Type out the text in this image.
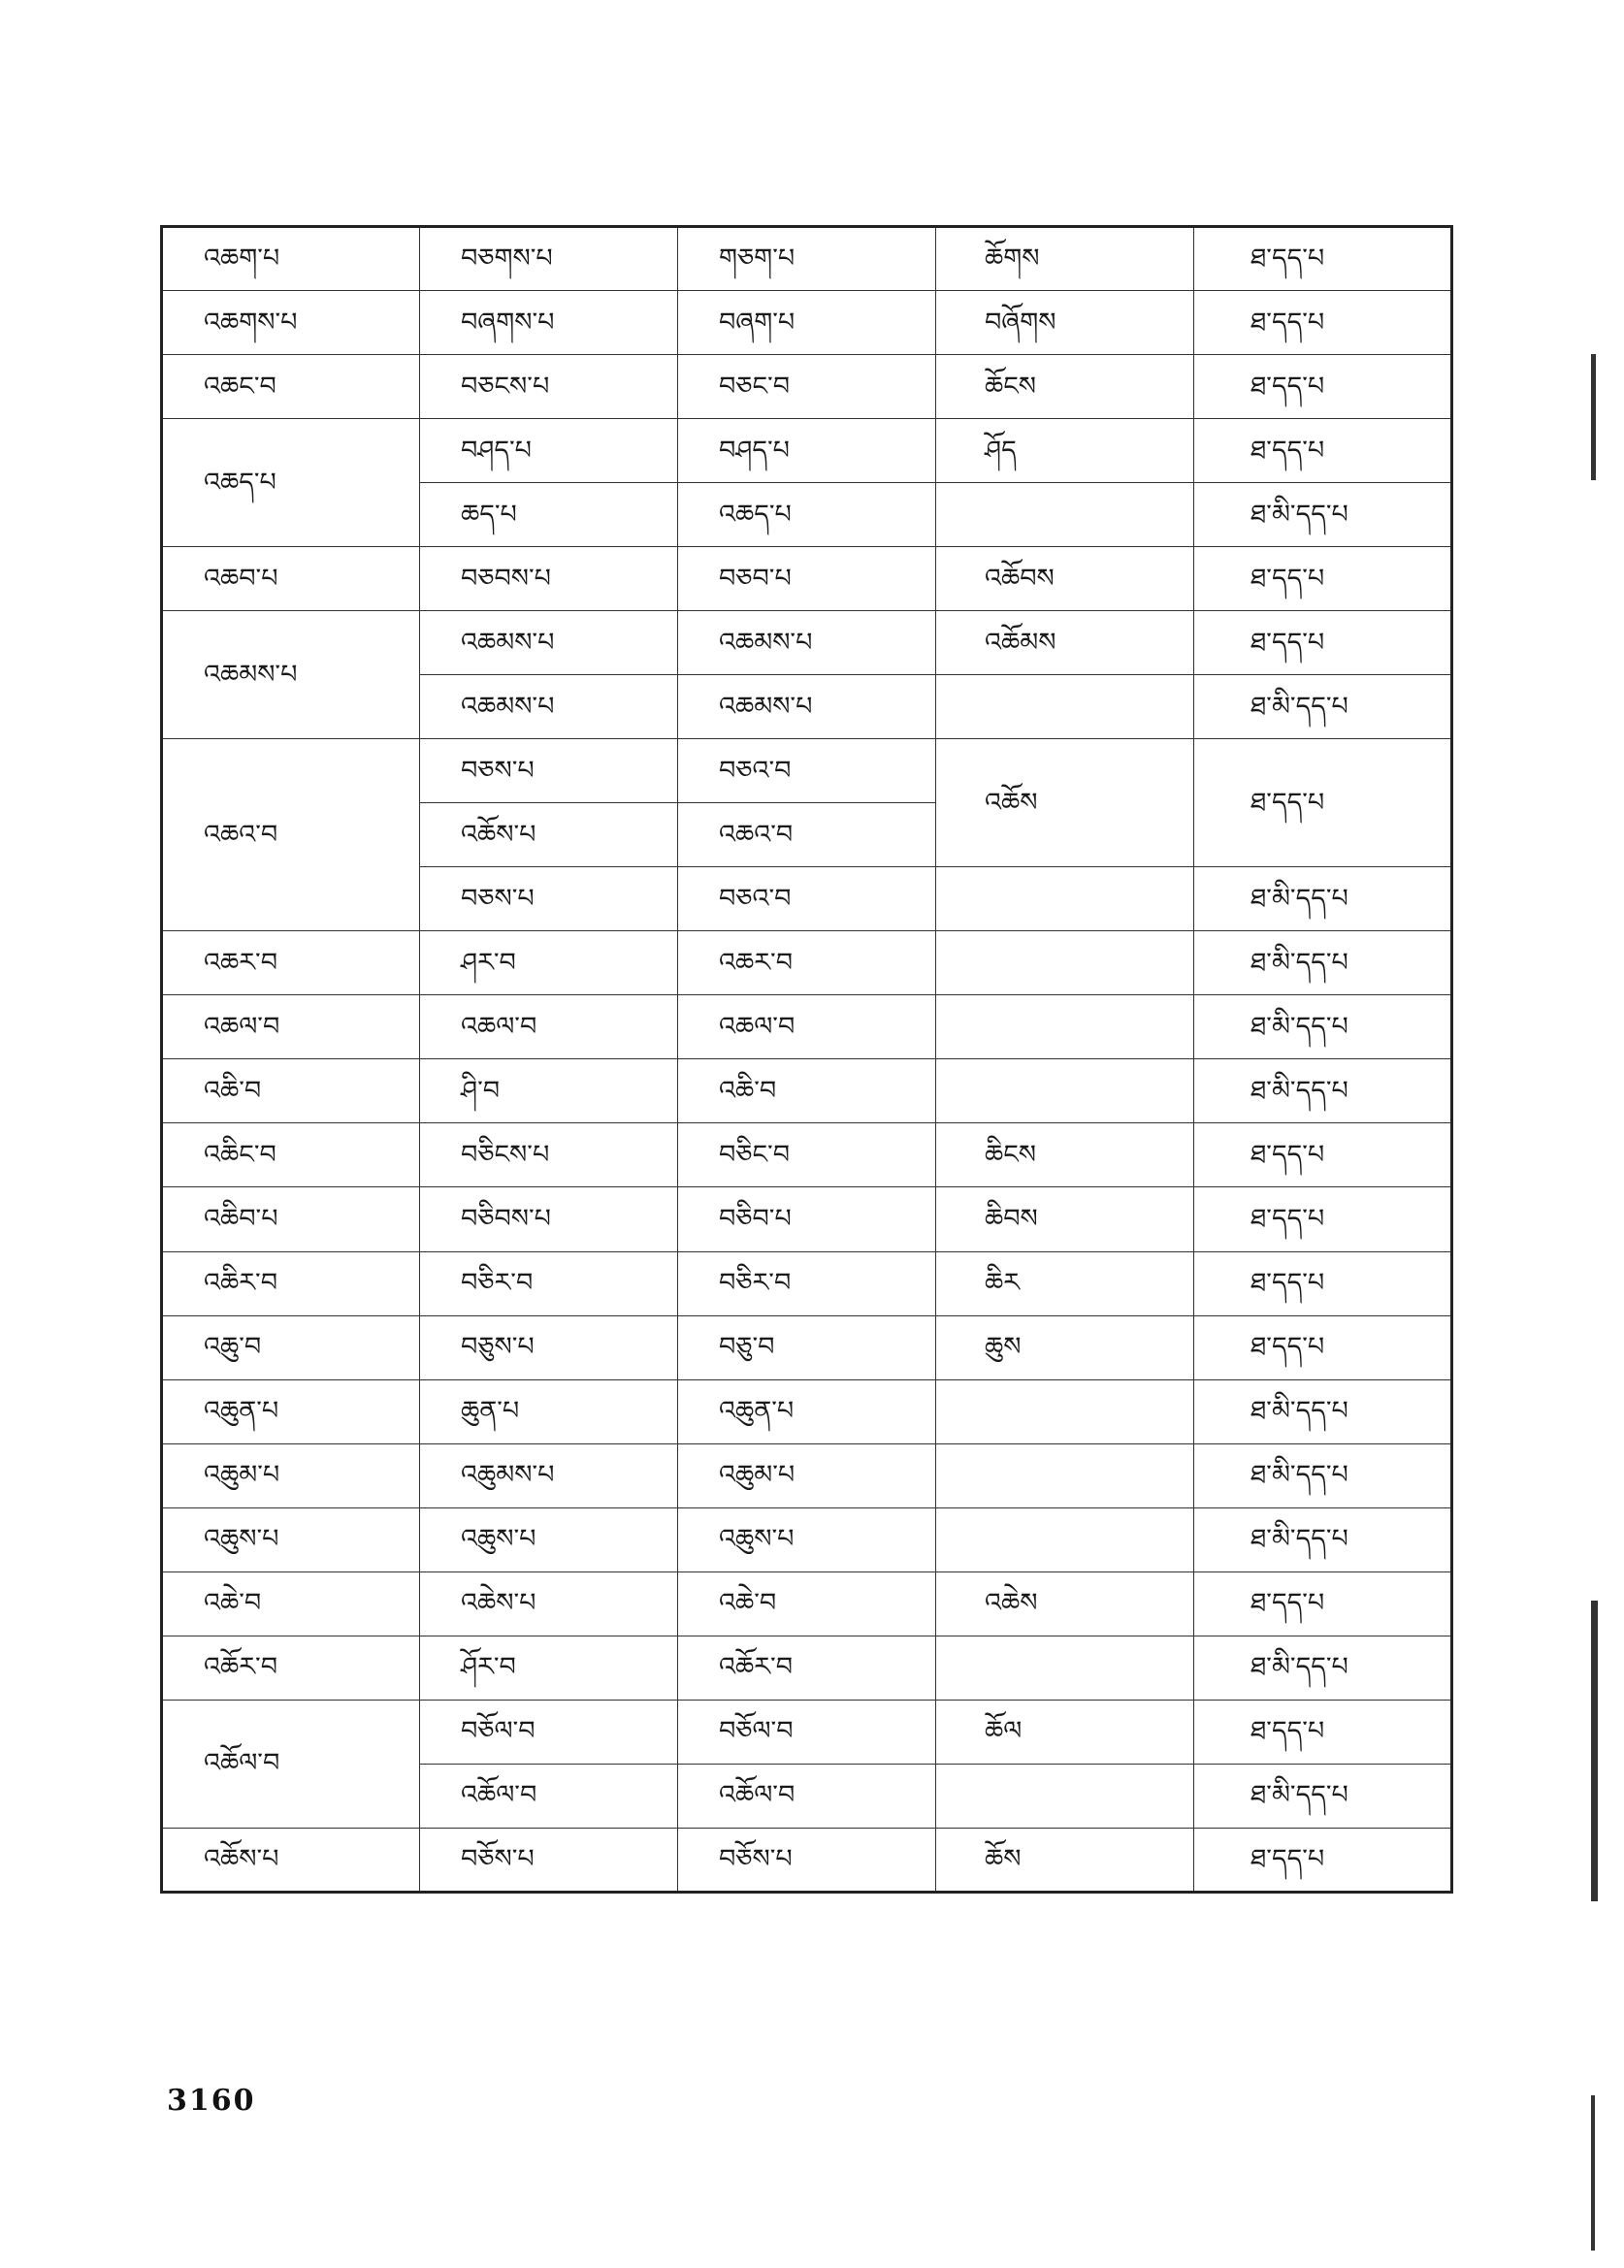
འཆག་པ	བཅགས་པ	གཅག་པ	ཆོགས	ཐ་དད་པ
འཆགས་པ	བཞགས་པ	བཞག་པ	བཞོགས	ཐ་དད་པ
འཆང་བ	བཅངས་པ	བཅང་བ	ཆོངས	ཐ་དད་པ
འཆད་པ	བཤད་པ	བཤད་པ	ཤོད	ཐ་དད་པ
	ཆད་པ	འཆད་པ		ཐ་མི་དད་པ
འཆབ་པ	བཅབས་པ	བཅབ་པ	འཆོབས	ཐ་དད་པ
འཆམས་པ	འཆམས་པ	འཆམས་པ	འཆོམས	ཐ་དད་པ
	འཆམས་པ	འཆམས་པ		ཐ་མི་དད་པ
འཆའ་བ	བཅས་པ	བཅའ་བ	འཆོས	ཐ་དད་པ
	འཆོས་པ	འཆའ་བ		
	བཅས་པ	བཅའ་བ		ཐ་མི་དད་པ
འཆར་བ	ཤར་བ	འཆར་བ		ཐ་མི་དད་པ
འཆལ་བ	འཆལ་བ	འཆལ་བ		ཐ་མི་དད་པ
འཆི་བ	ཤི་བ	འཆི་བ		ཐ་མི་དད་པ
འཆིང་བ	བཅིངས་པ	བཅིང་བ	ཆིངས	ཐ་དད་པ
འཆིབ་པ	བཅིབས་པ	བཅིབ་པ	ཆིབས	ཐ་དད་པ
འཆིར་བ	བཅིར་བ	བཅིར་བ	ཆིར	ཐ་དད་པ
འཆུ་བ	བཅུས་པ	བཅུ་བ	ཆུས	ཐ་དད་པ
འཆུན་པ	ཆུན་པ	འཆུན་པ		ཐ་མི་དད་པ
འཆུམ་པ	འཆུམས་པ	འཆུམ་པ		ཐ་མི་དད་པ
འཆུས་པ	འཆུས་པ	འཆུས་པ		ཐ་མི་དད་པ
འཆེ་བ	འཆེས་པ	འཆེ་བ	འཆེས	ཐ་དད་པ
འཆོར་བ	ཤོར་བ	འཆོར་བ		ཐ་མི་དད་པ
འཆོལ་བ	བཅོལ་བ	བཅོལ་བ	ཆོལ	ཐ་དད་པ
	འཆོལ་བ	འཆོལ་བ		ཐ་མི་དད་པ
འཆོས་པ	བཅོས་པ	བཅོས་པ	ཆོས	ཐ་དད་པ
3160
